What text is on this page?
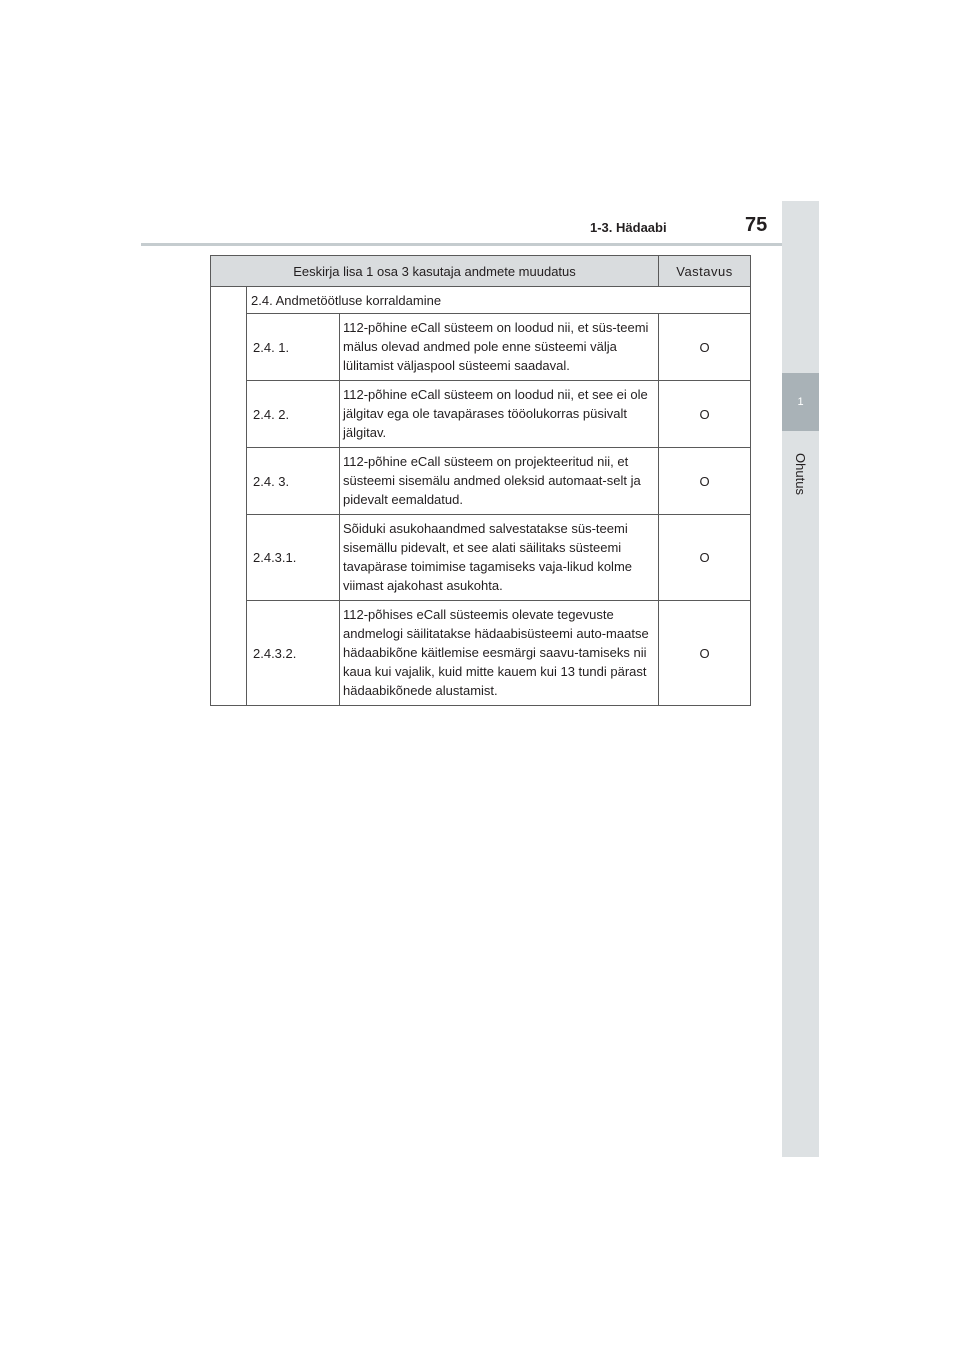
1
Ohutus
1-3. Hädaabi	75
Eeskirja lisa 1 osa 3 kasutaja andmete muudatus			Vastavus
	2.4. Andmetöötluse korraldamine		
	2.4. 1.	112-põhine eCall süsteem on loodud nii, et süs-teemi mälus olevad andmed pole enne süsteemi välja lülitamist väljaspool süsteemi saadaval.	O
	2.4. 2.	112-põhine eCall süsteem on loodud nii, et see ei ole jälgitav ega ole tavapärases tööolukorras püsivalt jälgitav.	O
	2.4. 3.	112-põhine eCall süsteem on projekteeritud nii, et süsteemi sisemälu andmed oleksid automaat-selt ja pidevalt eemaldatud.	O
	2.4.3.1.	Sõiduki asukohaandmed salvestatakse süs-teemi sisemällu pidevalt, et see alati säilitaks süsteemi tavapärase toimimise tagamiseks vaja-likud kolme viimast ajakohast asukohta.	O
	2.4.3.2.	112-põhises eCall süsteemis olevate tegevuste andmelogi säilitatakse hädaabisüsteemi auto-maatse hädaabikõne käitlemise eesmärgi saavu-tamiseks nii kaua kui vajalik, kuid mitte kauem kui 13 tundi pärast hädaabikõnede alustamist.	O
